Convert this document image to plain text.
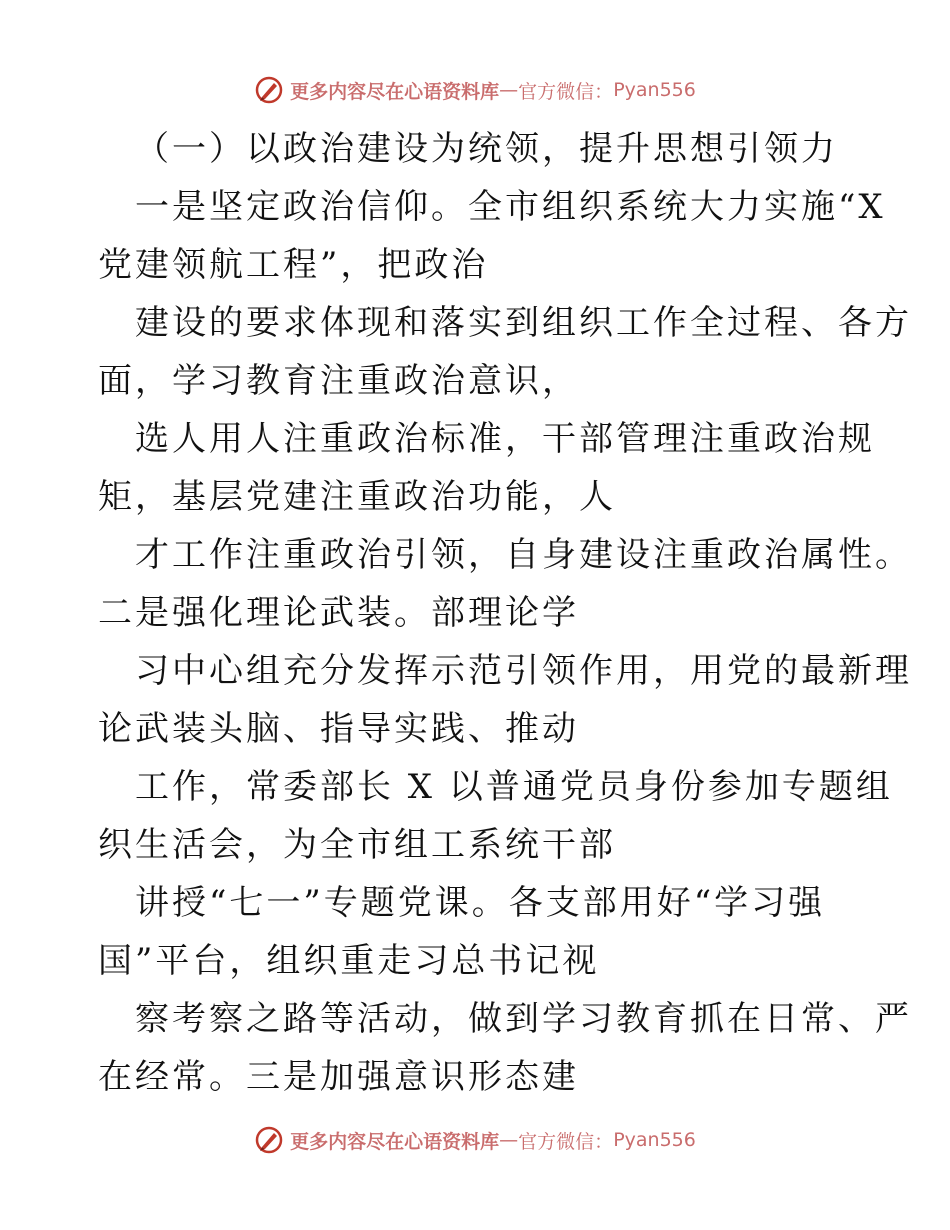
更多内容尽在心语资料库 — 官方微信： Pyan556
（一）以政治建设为统领，提升思想引领力
一是坚定政治信仰。全市组织系统大力实施“X
党建领航工程”，把政治
建设的要求体现和落实到组织工作全过程、各方
面，学习教育注重政治意识，
选人用人注重政治标准，干部管理注重政治规
矩，基层党建注重政治功能，人
才工作注重政治引领，自身建设注重政治属性。
二是强化理论武装。部理论学
习中心组充分发挥示范引领作用，用党的最新理
论武装头脑、指导实践、推动
工作，常委部长 X 以普通党员身份参加专题组
织生活会，为全市组工系统干部
讲授“七一”专题党课。各支部用好“学习强
国”平台，组织重走习总书记视
察考察之路等活动，做到学习教育抓在日常、严
在经常。三是加强意识形态建
更多内容尽在心语资料库 — 官方微信： Pyan556
